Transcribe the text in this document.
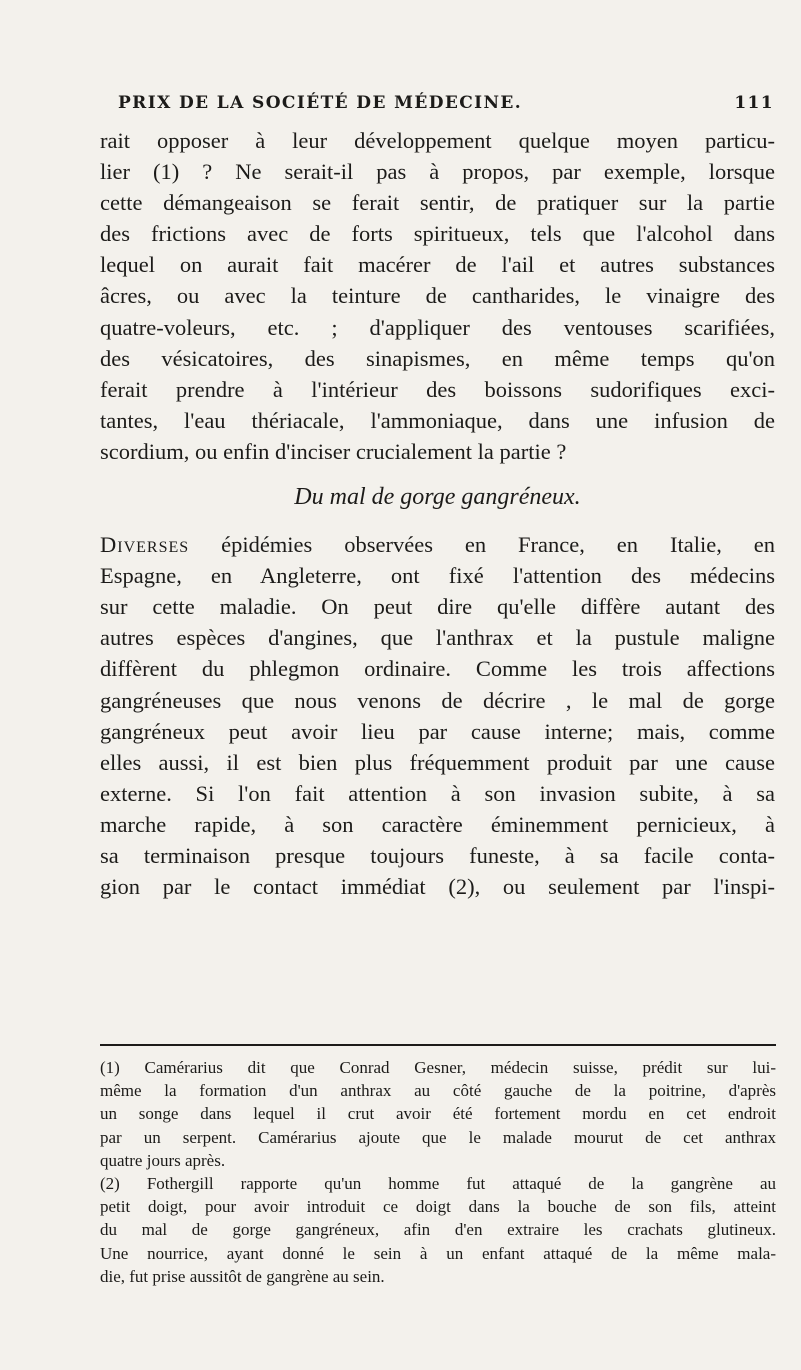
PRIX DE LA SOCIÉTÉ DE MÉDECINE.	111
rait opposer à leur développement quelque moyen particu-
lier (1) ? Ne serait-il pas à propos, par exemple, lorsque
cette démangeaison se ferait sentir, de pratiquer sur la partie
des frictions avec de forts spiritueux, tels que l'alcohol dans
lequel on aurait fait macérer de l'ail et autres substances
âcres, ou avec la teinture de cantharides, le vinaigre des
quatre-voleurs, etc. ; d'appliquer des ventouses scarifiées,
des vésicatoires, des sinapismes, en même temps qu'on
ferait prendre à l'intérieur des boissons sudorifiques exci-
tantes, l'eau thériacale, l'ammoniaque, dans une infusion de
scordium, ou enfin d'inciser crucialement la partie ?
Du mal de gorge gangréneux.
Diverses épidémies observées en France, en Italie, en
Espagne, en Angleterre, ont fixé l'attention des médecins
sur cette maladie. On peut dire qu'elle diffère autant des
autres espèces d'angines, que l'anthrax et la pustule maligne
diffèrent du phlegmon ordinaire. Comme les trois affections
gangréneuses que nous venons de décrire , le mal de gorge
gangréneux peut avoir lieu par cause interne; mais, comme
elles aussi, il est bien plus fréquemment produit par une cause
externe. Si l'on fait attention à son invasion subite, à sa
marche rapide, à son caractère éminemment pernicieux, à
sa terminaison presque toujours funeste, à sa facile conta-
gion par le contact immédiat (2), ou seulement par l'inspi-
(1) Camérarius dit que Conrad Gesner, médecin suisse, prédit sur lui-
même la formation d'un anthrax au côté gauche de la poitrine, d'après
un songe dans lequel il crut avoir été fortement mordu en cet endroit
par un serpent. Camérarius ajoute que le malade mourut de cet anthrax
quatre jours après.
(2) Fothergill rapporte qu'un homme fut attaqué de la gangrène au
petit doigt, pour avoir introduit ce doigt dans la bouche de son fils, atteint
du mal de gorge gangréneux, afin d'en extraire les crachats glutineux.
Une nourrice, ayant donné le sein à un enfant attaqué de la même mala-
die, fut prise aussitôt de gangrène au sein.
